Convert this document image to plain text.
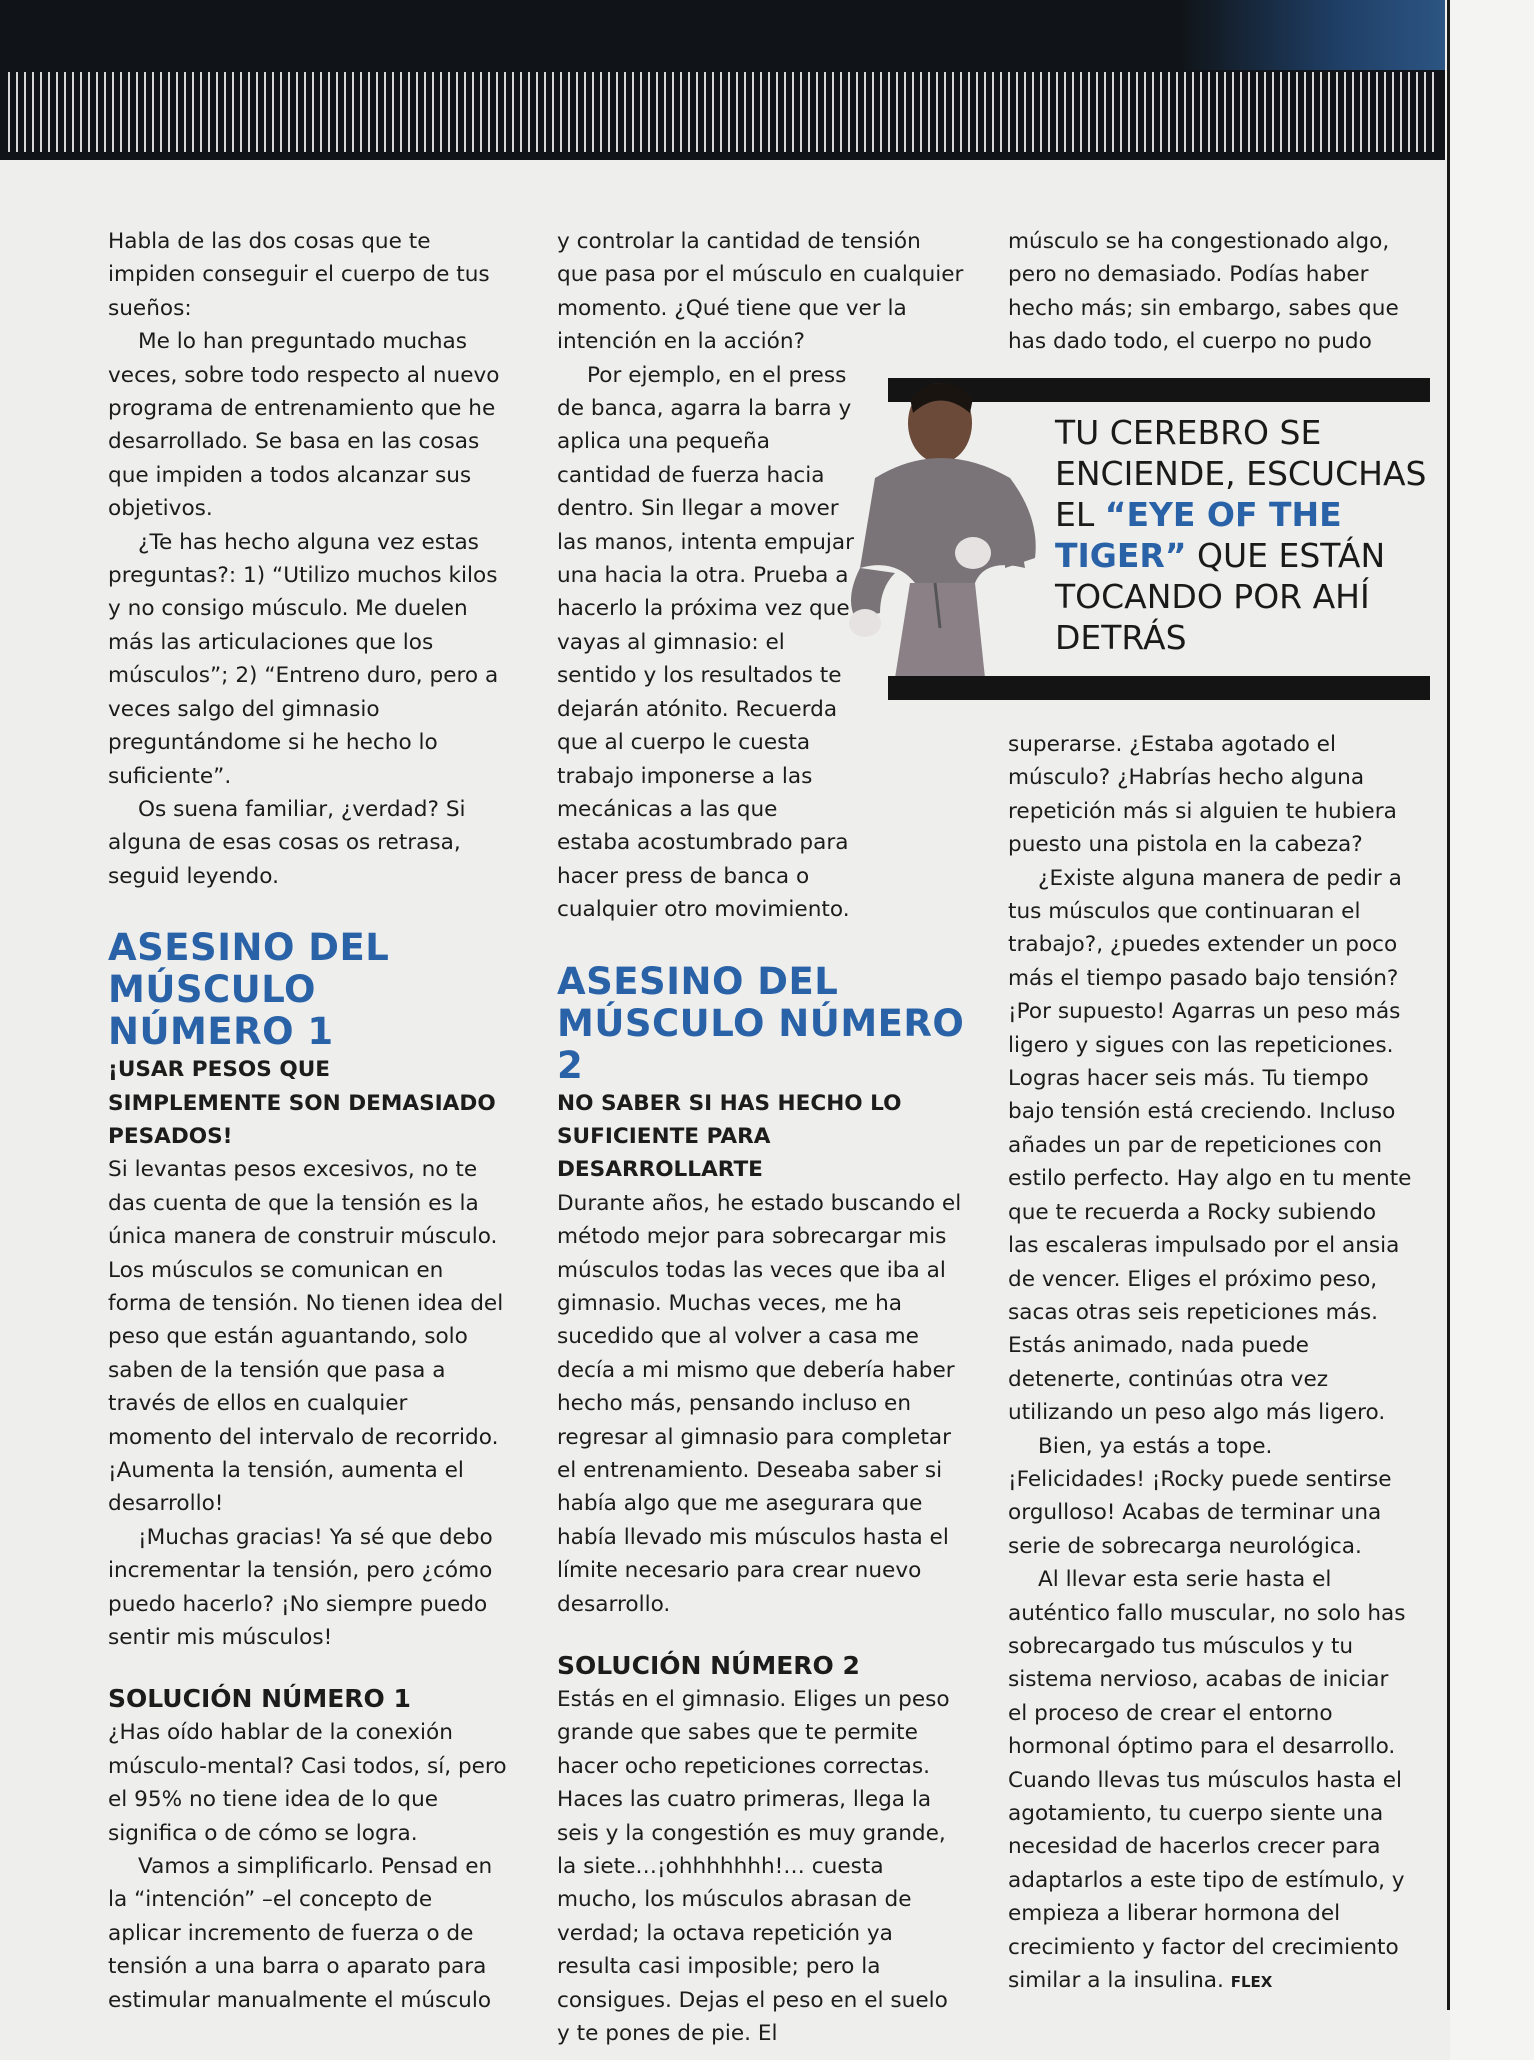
Habla de las dos cosas que te impiden conseguir el cuerpo de tus sueños:

Me lo han preguntado muchas veces, sobre todo respecto al nuevo programa de entrenamiento que he desarrollado. Se basa en las cosas que impiden a todos alcanzar sus objetivos.

¿Te has hecho alguna vez estas preguntas?: 1) “Utilizo muchos kilos y no consigo músculo. Me duelen más las articulaciones que los músculos”; 2) “Entreno duro, pero a veces salgo del gimnasio preguntándome si he hecho lo suficiente”.

Os suena familiar, ¿verdad? Si alguna de esas cosas os retrasa, seguid leyendo.

ASESINO DEL MÚSCULO NÚMERO 1
¡USAR PESOS QUE SIMPLEMENTE SON DEMASIADO PESADOS!

Si levantas pesos excesivos, no te das cuenta de que la tensión es la única manera de construir músculo. Los músculos se comunican en forma de tensión. No tienen idea del peso que están aguantando, solo saben de la tensión que pasa a través de ellos en cualquier momento del intervalo de recorrido. ¡Aumenta la tensión, aumenta el desarrollo!

¡Muchas gracias! Ya sé que debo incrementar la tensión, pero ¿cómo puedo hacerlo? ¡No siempre puedo sentir mis músculos!

SOLUCIÓN NÚMERO 1

¿Has oído hablar de la conexión músculo-mental? Casi todos, sí, pero el 95% no tiene idea de lo que significa o de cómo se logra.

Vamos a simplificarlo. Pensad en la “intención” –el concepto de aplicar incremento de fuerza o de tensión a una barra o aparato para estimular manualmente el músculo

y controlar la cantidad de tensión que pasa por el músculo en cualquier momento. ¿Qué tiene que ver la intención en la acción?

Por ejemplo, en el press de banca, agarra la barra y aplica una pequeña cantidad de fuerza hacia dentro. Sin llegar a mover las manos, intenta empujar una hacia la otra. Prueba a hacerlo la próxima vez que vayas al gimnasio: el sentido y los resultados te dejarán atónito. Recuerda que al cuerpo le cuesta trabajo imponerse a las mecánicas a las que estaba acostumbrado para hacer press de banca o cualquier otro movimiento.

ASESINO DEL MÚSCULO NÚMERO 2
NO SABER SI HAS HECHO LO SUFICIENTE PARA DESARROLLARTE

Durante años, he estado buscando el método mejor para sobrecargar mis músculos todas las veces que iba al gimnasio. Muchas veces, me ha sucedido que al volver a casa me decía a mi mismo que debería haber hecho más, pensando incluso en regresar al gimnasio para completar el entrenamiento. Deseaba saber si había algo que me asegurara que había llevado mis músculos hasta el límite necesario para crear nuevo desarrollo.

SOLUCIÓN NÚMERO 2

Estás en el gimnasio. Eliges un peso grande que sabes que te permite hacer ocho repeticiones correctas. Haces las cuatro primeras, llega la seis y la congestión es muy grande, la siete…¡ohhhhhhh!… cuesta mucho, los músculos abrasan de verdad; la octava repetición ya resulta casi imposible; pero la consigues. Dejas el peso en el suelo y te pones de pie. El

músculo se ha congestionado algo, pero no demasiado. Podías haber hecho más; sin embargo, sabes que has dado todo, el cuerpo no pudo

TU CEREBRO SE ENCIENDE, ESCUCHAS EL “EYE OF THE TIGER” QUE ESTÁN TOCANDO POR AHÍ DETRÁS

superarse. ¿Estaba agotado el músculo? ¿Habrías hecho alguna repetición más si alguien te hubiera puesto una pistola en la cabeza?

¿Existe alguna manera de pedir a tus músculos que continuaran el trabajo?, ¿puedes extender un poco más el tiempo pasado bajo tensión? ¡Por supuesto! Agarras un peso más ligero y sigues con las repeticiones. Logras hacer seis más. Tu tiempo bajo tensión está creciendo. Incluso añades un par de repeticiones con estilo perfecto. Hay algo en tu mente que te recuerda a Rocky subiendo las escaleras impulsado por el ansia de vencer. Eliges el próximo peso, sacas otras seis repeticiones más. Estás animado, nada puede detenerte, continúas otra vez utilizando un peso algo más ligero.

Bien, ya estás a tope. ¡Felicidades! ¡Rocky puede sentirse orgulloso! Acabas de terminar una serie de sobrecarga neurológica.

Al llevar esta serie hasta el auténtico fallo muscular, no solo has sobrecargado tus músculos y tu sistema nervioso, acabas de iniciar el proceso de crear el entorno hormonal óptimo para el desarrollo. Cuando llevas tus músculos hasta el agotamiento, tu cuerpo siente una necesidad de hacerlos crecer para adaptarlos a este tipo de estímulo, y empieza a liberar hormona del crecimiento y factor del crecimiento similar a la insulina. FLEX
